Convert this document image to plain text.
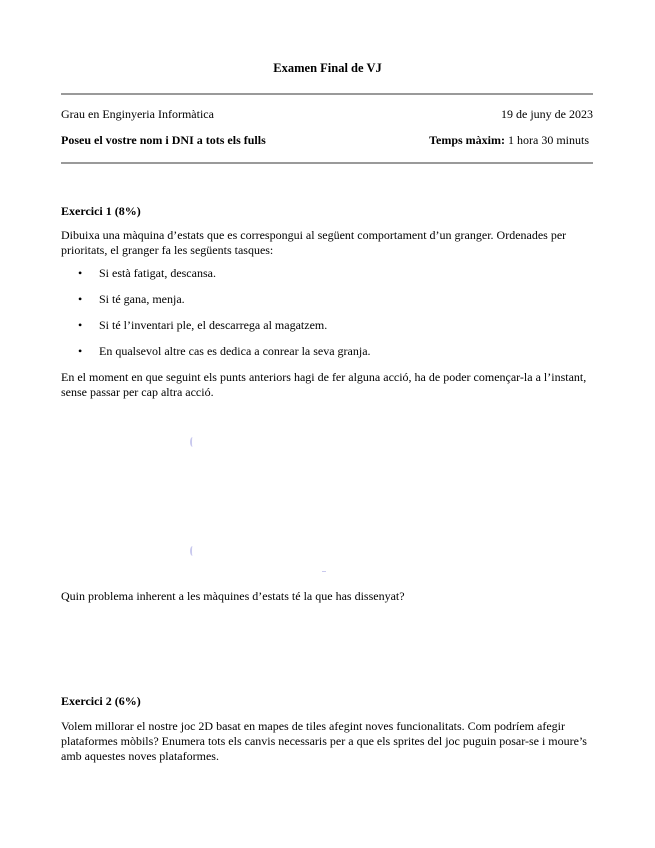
Examen Final de VJ
Grau en Enginyeria Informàtica	19 de juny de 2023
Poseu el vostre nom i DNI a tots els fulls	Temps màxim: 1 hora 30 minuts
Exercici 1 (8%)
Dibuixa una màquina d’estats que es correspongui al següent comportament d’un granger. Ordenades per prioritats, el granger fa les següents tasques:
• Si està fatigat, descansa.
• Si té gana, menja.
• Si té l’inventari ple, el descarrega al magatzem.
• En qualsevol altre cas es dedica a conrear la seva granja.
En el moment en que seguint els punts anteriors hagi de fer alguna acció, ha de poder començar-la a l’instant, sense passar per cap altra acció.
Quin problema inherent a les màquines d’estats té la que has dissenyat?
Exercici 2 (6%)
Volem millorar el nostre joc 2D basat en mapes de tiles afegint noves funcionalitats. Com podríem afegir plataformes mòbils? Enumera tots els canvis necessaris per a que els sprites del joc puguin posar-se i moure’s amb aquestes noves plataformes.
